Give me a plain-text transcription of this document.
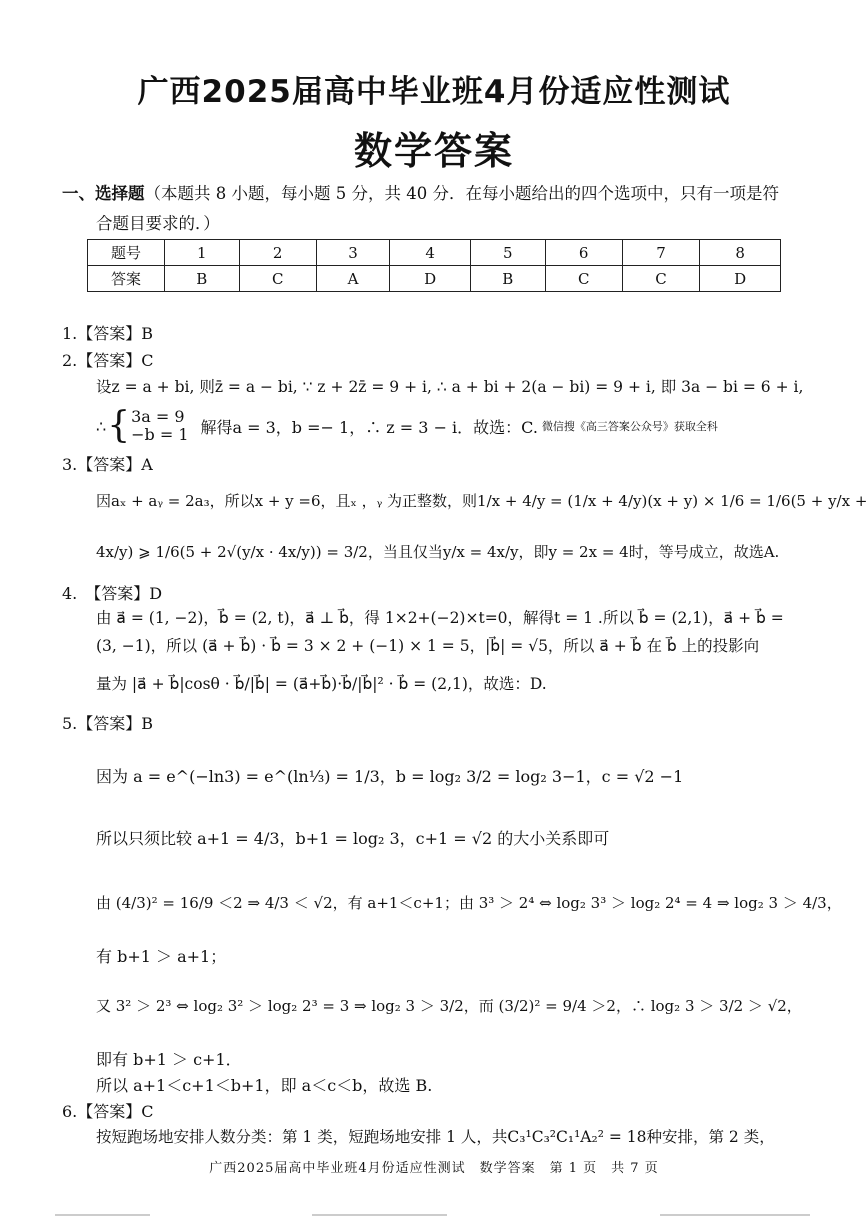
广西2025届高中毕业班4月份适应性测试
数学答案
一、选择题（本题共 8 小题，每小题 5 分，共 40 分．在每小题给出的四个选项中，只有一项是符
合题目要求的．）
题号	1	2	3	4	5	6	7	8
答案	B	C	A	D	B	C	C	D
1.【答案】B
2.【答案】C
设z = a + bi, 则z̄ = a − bi, ∵ z + 2z̄ = 9 + i, ∴ a + bi + 2(a − bi) = 9 + i, 即 3a − bi = 6 + i,
∴ { 3a = 9
−b = 1 解得a = 3，b =− 1，∴ z = 3 − i．故选：C. 微信搜《高三答案公众号》获取全科
3.【答案】A
因aₓ + aᵧ = 2a₃，所以x + y =6，且ₓ ，ᵧ 为正整数，则1/x + 4/y = (1/x + 4/y)(x + y) × 1/6 = 1/6(5 + y/x +
4x/y) ⩾ 1/6(5 + 2√(y/x · 4x/y)) = 3/2，当且仅当y/x = 4x/y，即y = 2x = 4时，等号成立，故选A.
4.　【答案】D
由 a⃗ = (1, −2)，b⃗ = (2, t)，a⃗ ⊥ b⃗，得 1×2+(−2)×t=0，解得t = 1 .所以 b⃗ = (2,1)，a⃗ + b⃗ =
(3, −1)，所以 (a⃗ + b⃗) · b⃗ = 3 × 2 + (−1) × 1 = 5，|b⃗| = √5，所以 a⃗ + b⃗ 在 b⃗ 上的投影向
量为 |a⃗ + b⃗|cosθ · b⃗/|b⃗| = (a⃗+b⃗)·b⃗/|b⃗|² · b⃗ = (2,1)，故选：D.
5.【答案】B
因为 a = e^(−ln3) = e^(ln⅓) = 1/3，b = log₂ 3/2 = log₂ 3−1，c = √2 −1
所以只须比较 a+1 = 4/3，b+1 = log₂ 3，c+1 = √2 的大小关系即可
由 (4/3)² = 16/9 ＜2 ⇒ 4/3 ＜ √2，有 a+1＜c+1；由 3³ ＞ 2⁴ ⇔ log₂ 3³ ＞ log₂ 2⁴ = 4 ⇒ log₂ 3 ＞ 4/3，
有 b+1 ＞ a+1；
又 3² ＞ 2³ ⇔ log₂ 3² ＞ log₂ 2³ = 3 ⇒ log₂ 3 ＞ 3/2，而 (3/2)² = 9/4 ＞2，∴ log₂ 3 ＞ 3/2 ＞ √2，
即有 b+1 ＞ c+1．
所以 a+1＜c+1＜b+1，即 a＜c＜b，故选 B.
6.【答案】C
按短跑场地安排人数分类：第 1 类，短跑场地安排 1 人，共C₃¹C₃²C₁¹A₂² = 18种安排，第 2 类，
广西2025届高中毕业班4月份适应性测试　数学答案　第 1 页　共 7 页
